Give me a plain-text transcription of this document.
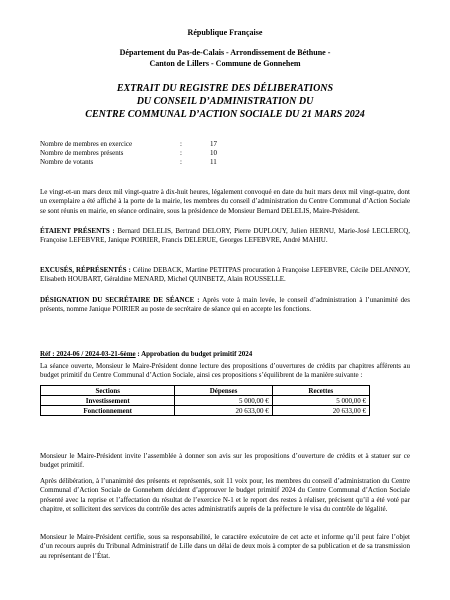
République Française
Département du Pas-de-Calais - Arrondissement de Béthune -
Canton de Lillers - Commune de Gonnehem
EXTRAIT DU REGISTRE DES DÉLIBERATIONS
DU CONSEIL D’ADMINISTRATION DU
CENTRE COMMUNAL D’ACTION SOCIALE DU 21 MARS 2024
Nombre de membres en exercice	:	17
Nombre de membres présents	:	10
Nombre de votants	:	11
Le vingt-et-un mars deux mil vingt-quatre à dix-huit heures, légalement convoqué en date du huit mars deux mil vingt-quatre, dont un exemplaire a été affiché à la porte de la mairie, les membres du conseil d’administration du Centre Communal d’Action Sociale se sont réunis en mairie, en séance ordinaire, sous la présidence de Monsieur Bernard DELELIS, Maire-Président.
ÉTAIENT PRÉSENTS : Bernard DELELIS, Bertrand DELORY, Pierre DUPLOUY, Julien HERNU, Marie-José LECLERCQ, Françoise LEFEBVRE, Janique POIRIER, Francis DELERUE, Georges LEFEBVRE, André MAHIU.
EXCUSÉS, RÉPRÉSENTÉS : Céline DEBACK, Martine PETITPAS procuration à Françoise LEFEBVRE, Cécile DELANNOY, Elisabeth HOUBART, Géraldine MENARD, Michel QUINBETZ, Alain ROUSSELLE.
DÉSIGNATION DU SECRÉTAIRE DE SÉANCE : Après vote à main levée, le conseil d’administration à l’unanimité des présents, nomme Janique POIRIER au poste de secrétaire de séance qui en accepte les fonctions.
Réf : 2024-06 / 2024-03-21-6ème : Approbation du budget primitif 2024
La séance ouverte, Monsieur le Maire-Président donne lecture des propositions d’ouvertures de crédits par chapitres afférents au budget primitif du Centre Communal d’Action Sociale, ainsi ces propositions s’équilibrent de la manière suivante :
Sections	Dépenses	Recettes
Investissement	5 000,00 €	5 000,00 €
Fonctionnement	20 633,00 €	20 633,00 €
Monsieur le Maire-Président invite l’assemblée à donner son avis sur les propositions d’ouverture de crédits et à statuer sur ce budget primitif.
Après délibération, à l’unanimité des présents et représentés, soit 11 voix pour, les membres du conseil d’administration du Centre Communal d’Action Sociale de Gonnehem décident d’approuver le budget primitif 2024 du Centre Communal d’Action Sociale présenté avec la reprise et l’affectation du résultat de l’exercice N-1 et le report des restes à réaliser, précisent qu’il a été voté par chapitre, et sollicitent des services du contrôle des actes administratifs auprès de la préfecture le visa du contrôle de légalité.
Monsieur le Maire-Président certifie, sous sa responsabilité, le caractère exécutoire de cet acte et informe qu’il peut faire l’objet d’un recours auprès du Tribunal Administratif de Lille dans un délai de deux mois à compter de sa publication et de sa transmission au représentant de l’État.
